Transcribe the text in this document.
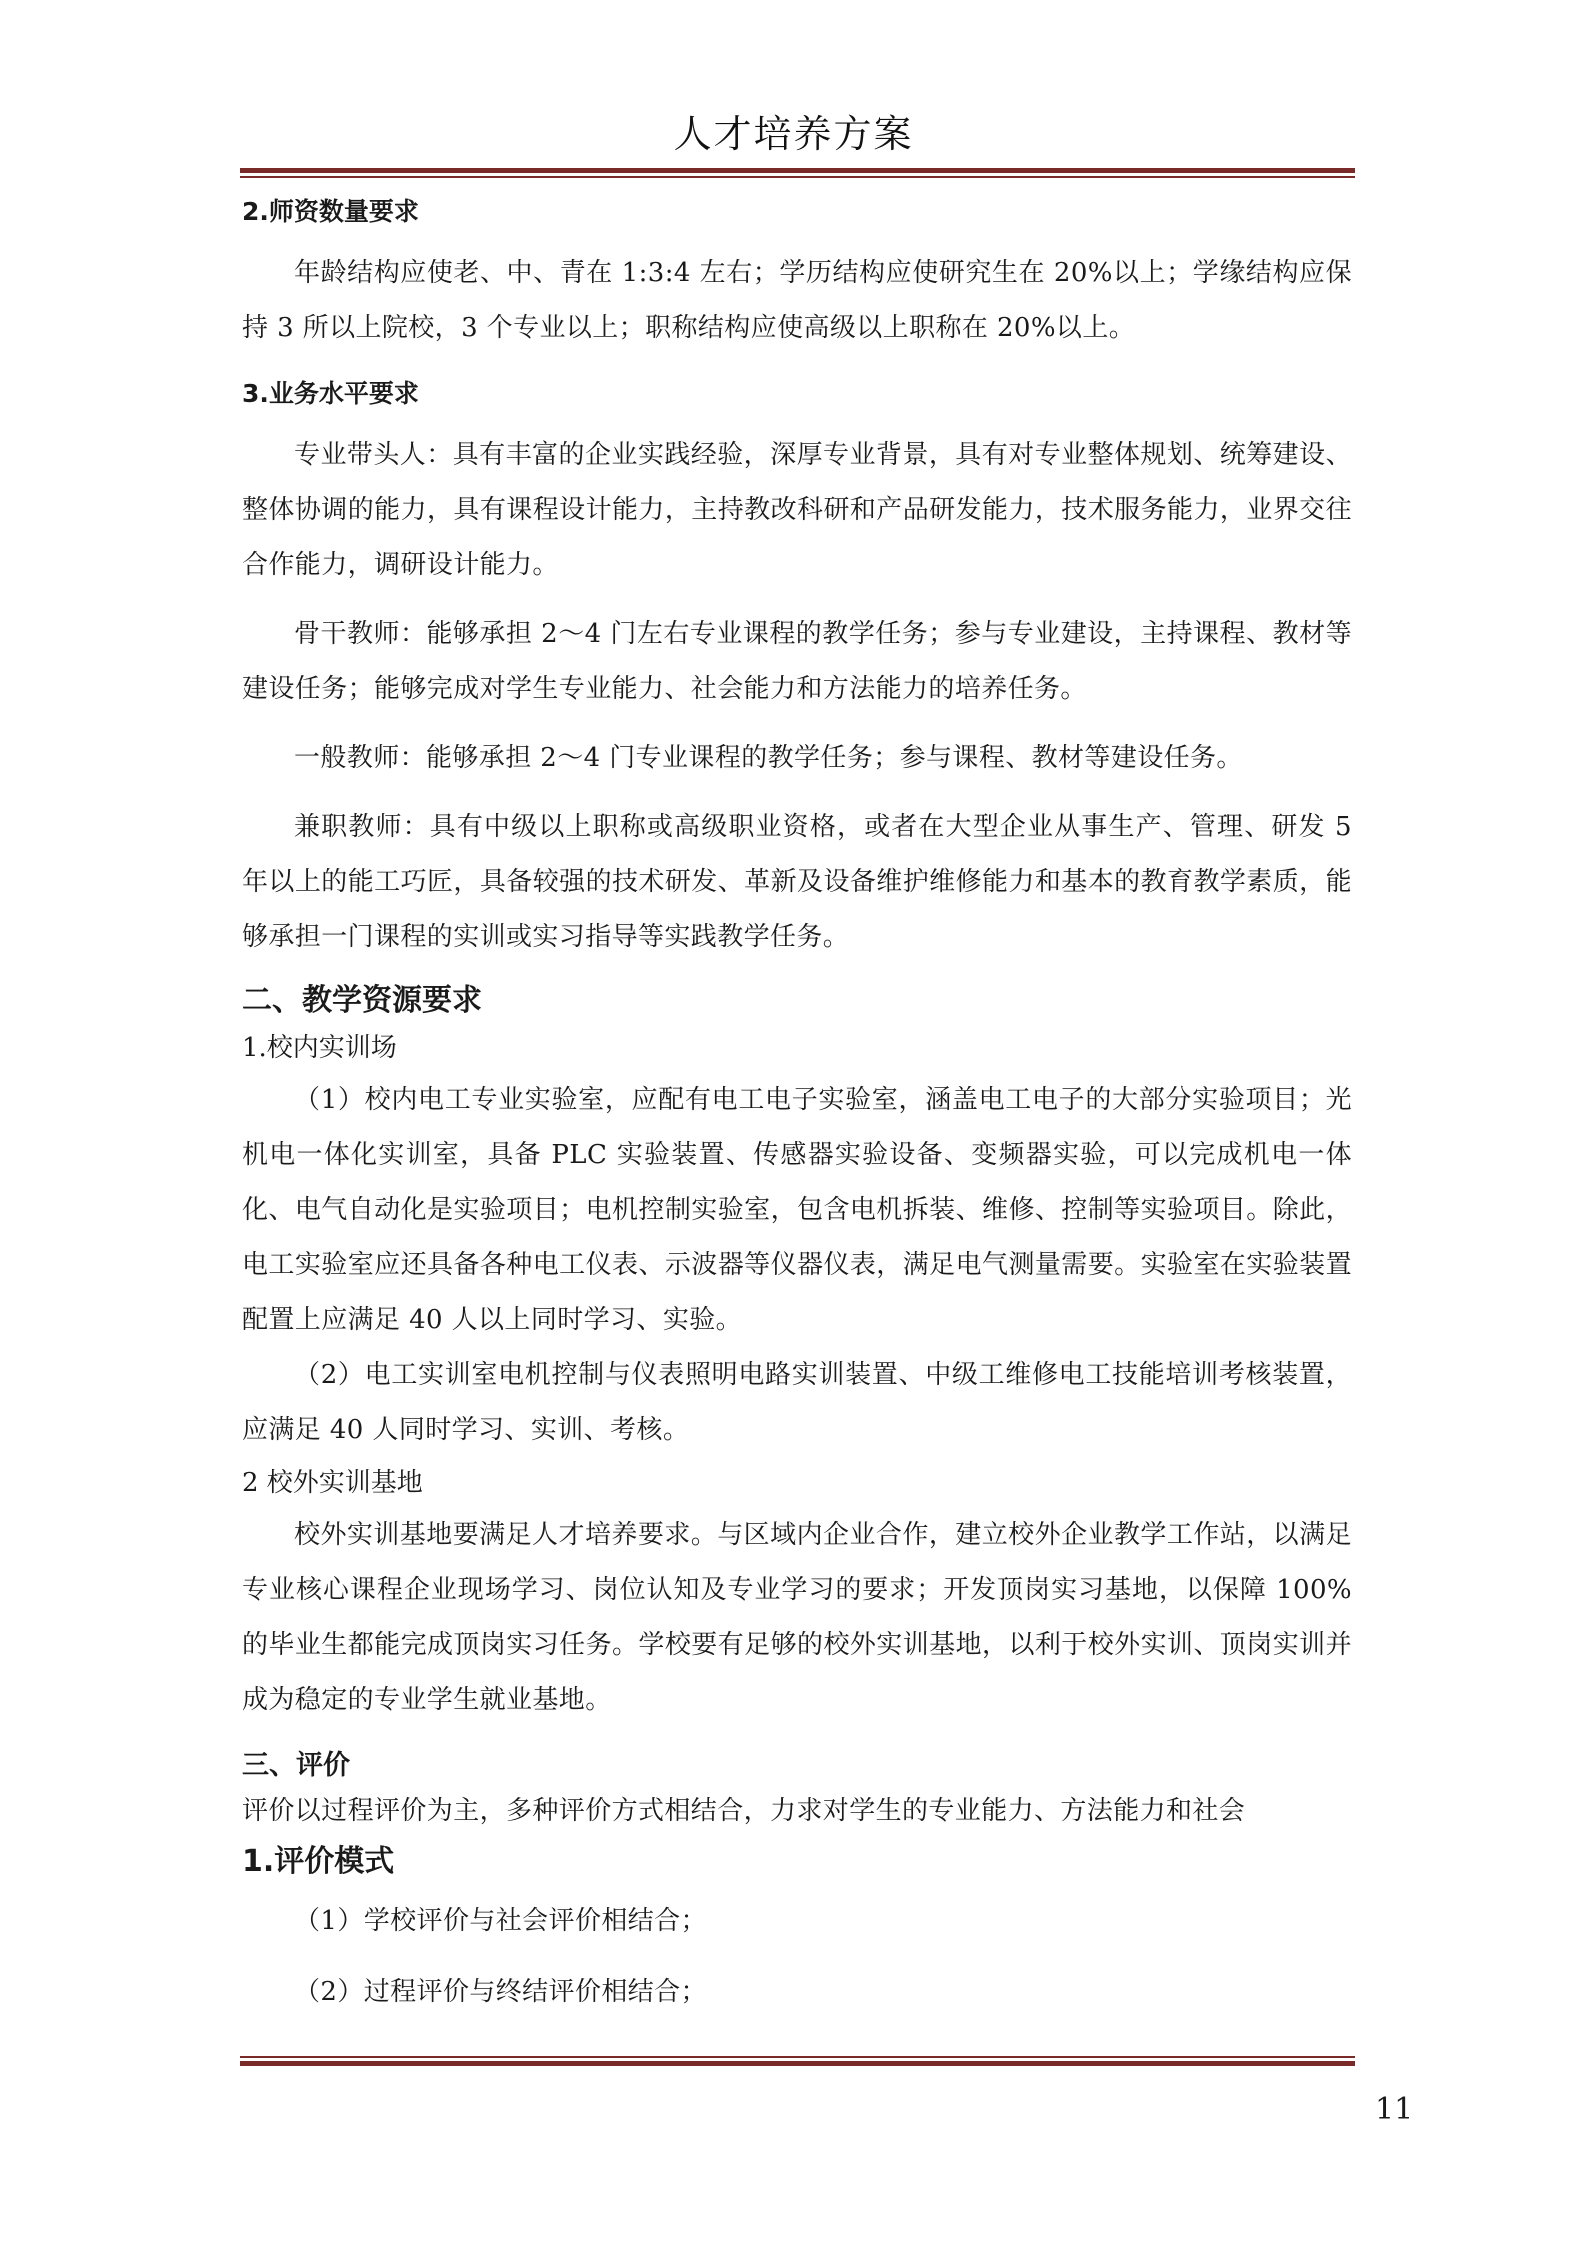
人才培养方案

2.师资数量要求

年龄结构应使老、中、青在 1:3:4 左右；学历结构应使研究生在 20%以上；学缘结构应保持 3 所以上院校，3 个专业以上；职称结构应使高级以上职称在 20%以上。

3.业务水平要求

专业带头人：具有丰富的企业实践经验，深厚专业背景，具有对专业整体规划、统筹建设、整体协调的能力，具有课程设计能力，主持教改科研和产品研发能力，技术服务能力，业界交往合作能力，调研设计能力。

骨干教师：能够承担 2～4 门左右专业课程的教学任务；参与专业建设，主持课程、教材等建设任务；能够完成对学生专业能力、社会能力和方法能力的培养任务。

一般教师：能够承担 2～4 门专业课程的教学任务；参与课程、教材等建设任务。

兼职教师：具有中级以上职称或高级职业资格，或者在大型企业从事生产、管理、研发 5 年以上的能工巧匠，具备较强的技术研发、革新及设备维护维修能力和基本的教育教学素质，能够承担一门课程的实训或实习指导等实践教学任务。

二、教学资源要求

1.校内实训场

（1）校内电工专业实验室，应配有电工电子实验室，涵盖电工电子的大部分实验项目；光机电一体化实训室，具备 PLC 实验装置、传感器实验设备、变频器实验，可以完成机电一体化、电气自动化是实验项目；电机控制实验室，包含电机拆装、维修、控制等实验项目。除此，电工实验室应还具备各种电工仪表、示波器等仪器仪表，满足电气测量需要。实验室在实验装置配置上应满足 40 人以上同时学习、实验。

（2）电工实训室电机控制与仪表照明电路实训装置、中级工维修电工技能培训考核装置，应满足 40 人同时学习、实训、考核。

2 校外实训基地

校外实训基地要满足人才培养要求。与区域内企业合作，建立校外企业教学工作站，以满足专业核心课程企业现场学习、岗位认知及专业学习的要求；开发顶岗实习基地，以保障 100%的毕业生都能完成顶岗实习任务。学校要有足够的校外实训基地，以利于校外实训、顶岗实训并成为稳定的专业学生就业基地。

三、评价

评价以过程评价为主，多种评价方式相结合，力求对学生的专业能力、方法能力和社会

1.评价模式

（1）学校评价与社会评价相结合；

（2）过程评价与终结评价相结合；

11
